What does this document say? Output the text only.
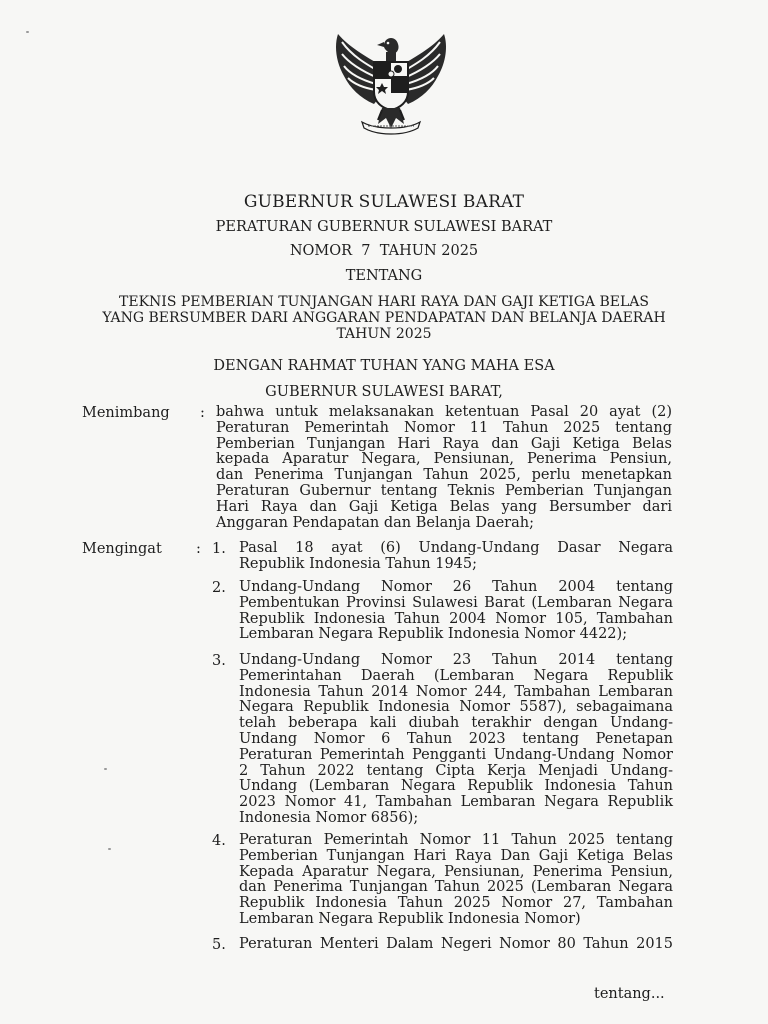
GUBERNUR SULAWESI BARAT
PERATURAN GUBERNUR SULAWESI BARAT
NOMOR  7  TAHUN 2025
TENTANG
TEKNIS PEMBERIAN TUNJANGAN HARI RAYA DAN GAJI KETIGA BELAS
YANG BERSUMBER DARI ANGGARAN PENDAPATAN DAN BELANJA DAERAH
TAHUN 2025
DENGAN RAHMAT TUHAN YANG MAHA ESA
GUBERNUR SULAWESI BARAT,
Menimbang : bahwa untuk melaksanakan ketentuan Pasal 20 ayat (2)
Peraturan Pemerintah Nomor 11 Tahun 2025 tentang
Pemberian Tunjangan Hari Raya dan Gaji Ketiga Belas
kepada Aparatur Negara, Pensiunan, Penerima Pensiun,
dan Penerima Tunjangan Tahun 2025, perlu menetapkan
Peraturan Gubernur tentang Teknis Pemberian Tunjangan
Hari Raya dan Gaji Ketiga Belas yang Bersumber dari
Anggaran Pendapatan dan Belanja Daerah;
Mengingat : 1. Pasal 18 ayat (6) Undang-Undang Dasar Negara
Republik Indonesia Tahun 1945;
2. Undang-Undang Nomor 26 Tahun 2004 tentang
Pembentukan Provinsi Sulawesi Barat (Lembaran Negara
Republik Indonesia Tahun 2004 Nomor 105, Tambahan
Lembaran Negara Republik Indonesia Nomor 4422);
3. Undang-Undang Nomor 23 Tahun 2014 tentang
Pemerintahan Daerah (Lembaran Negara Republik
Indonesia Tahun 2014 Nomor 244, Tambahan Lembaran
Negara Republik Indonesia Nomor 5587), sebagaimana
telah beberapa kali diubah terakhir dengan Undang-
Undang Nomor 6 Tahun 2023 tentang Penetapan
Peraturan Pemerintah Pengganti Undang-Undang Nomor
2 Tahun 2022 tentang Cipta Kerja Menjadi Undang-
Undang (Lembaran Negara Republik Indonesia Tahun
2023 Nomor 41, Tambahan Lembaran Negara Republik
Indonesia Nomor 6856);
4. Peraturan Pemerintah Nomor 11 Tahun 2025 tentang
Pemberian Tunjangan Hari Raya Dan Gaji Ketiga Belas
Kepada Aparatur Negara, Pensiunan, Penerima Pensiun,
dan Penerima Tunjangan Tahun 2025 (Lembaran Negara
Republik Indonesia Tahun 2025 Nomor 27, Tambahan
Lembaran Negara Republik Indonesia Nomor)
5. Peraturan Menteri Dalam Negeri Nomor 80 Tahun 2015
tentang...
